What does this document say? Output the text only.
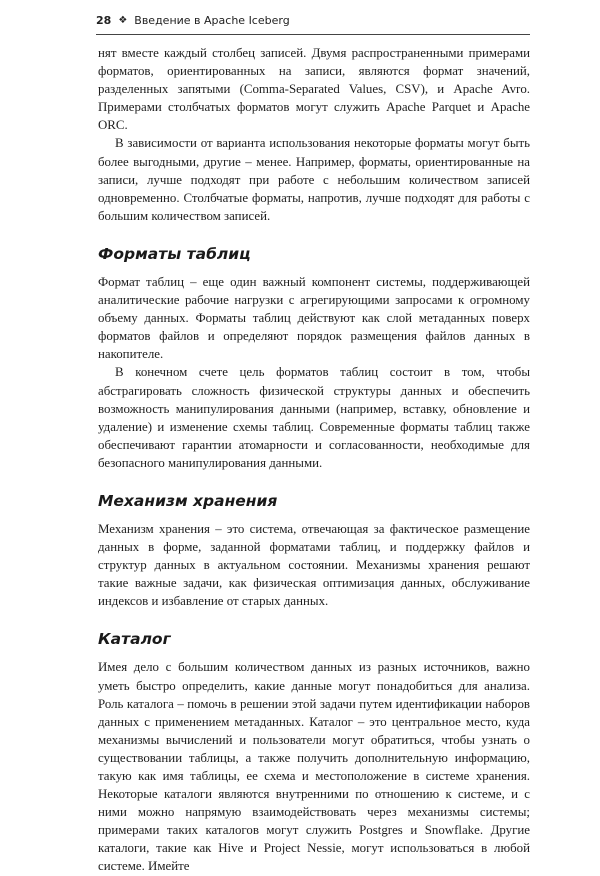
28 ❖ Введение в Apache Iceberg

нят вместе каждый столбец записей. Двумя распространенными примерами форматов, ориентированных на записи, являются формат значений, разделенных запятыми (Comma-Separated Values, CSV), и Apache Avro. Примерами столбчатых форматов могут служить Apache Parquet и Apache ORC.

В зависимости от варианта использования некоторые форматы могут быть более выгодными, другие – менее. Например, форматы, ориентированные на записи, лучше подходят при работе с небольшим количеством записей одновременно. Столбчатые форматы, напротив, лучше подходят для работы с большим количеством записей.

Форматы таблиц

Формат таблиц – еще один важный компонент системы, поддерживающей аналитические рабочие нагрузки с агрегирующими запросами к огромному объему данных. Форматы таблиц действуют как слой метаданных поверх форматов файлов и определяют порядок размещения файлов данных в накопителе.

В конечном счете цель форматов таблиц состоит в том, чтобы абстрагировать сложность физической структуры данных и обеспечить возможность манипулирования данными (например, вставку, обновление и удаление) и изменение схемы таблиц. Современные форматы таблиц также обеспечивают гарантии атомарности и согласованности, необходимые для безопасного манипулирования данными.

Механизм хранения

Механизм хранения – это система, отвечающая за фактическое размещение данных в форме, заданной форматами таблиц, и поддержку файлов и структур данных в актуальном состоянии. Механизмы хранения решают такие важные задачи, как физическая оптимизация данных, обслуживание индексов и избавление от старых данных.

Каталог

Имея дело с большим количеством данных из разных источников, важно уметь быстро определить, какие данные могут понадобиться для анализа. Роль каталога – помочь в решении этой задачи путем идентификации наборов данных с применением метаданных. Каталог – это центральное место, куда механизмы вычислений и пользователи могут обратиться, чтобы узнать о существовании таблицы, а также получить дополнительную информацию, такую как имя таблицы, ее схема и местоположение в системе хранения. Некоторые каталоги являются внутренними по отношению к системе, и с ними можно напрямую взаимодействовать через механизмы системы; примерами таких каталогов могут служить Postgres и Snowflake. Другие каталоги, такие как Hive и Project Nessie, могут использоваться в любой системе. Имейте
